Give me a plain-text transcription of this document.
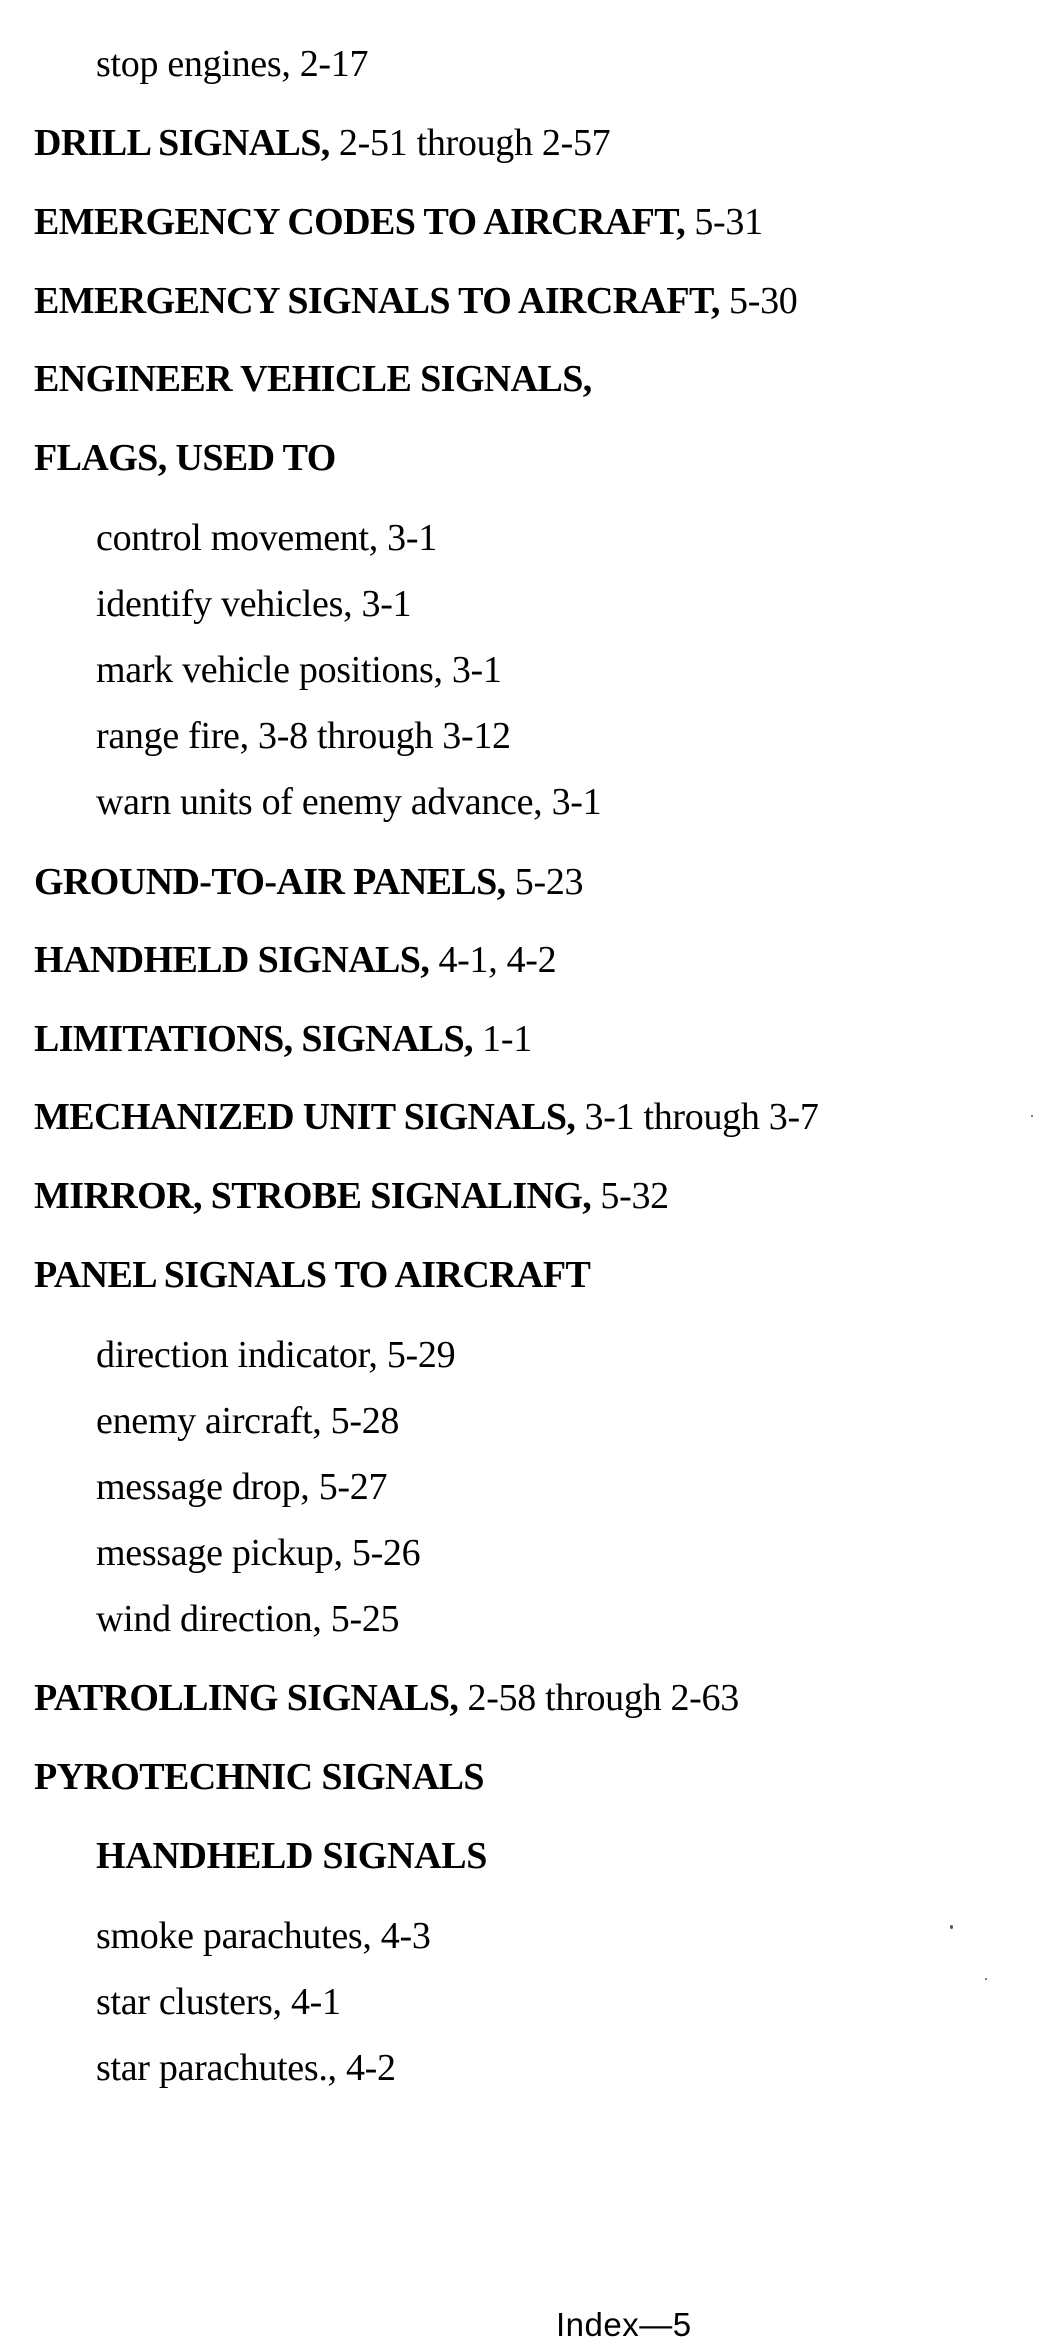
stop engines, 2-17
DRILL SIGNALS, 2-51 through 2-57
EMERGENCY CODES TO AIRCRAFT, 5-31
EMERGENCY SIGNALS TO AIRCRAFT, 5-30
ENGINEER VEHICLE SIGNALS,
FLAGS, USED TO
control movement, 3-1
identify vehicles, 3-1
mark vehicle positions, 3-1
range fire, 3-8 through 3-12
warn units of enemy advance, 3-1
GROUND-TO-AIR PANELS, 5-23
HANDHELD SIGNALS, 4-1, 4-2
LIMITATIONS, SIGNALS, 1-1
MECHANIZED UNIT SIGNALS, 3-1 through 3-7
MIRROR, STROBE SIGNALING, 5-32
PANEL SIGNALS TO AIRCRAFT
direction indicator, 5-29
enemy aircraft, 5-28
message drop, 5-27
message pickup, 5-26
wind direction, 5-25
PATROLLING SIGNALS, 2-58 through 2-63
PYROTECHNIC SIGNALS
HANDHELD SIGNALS
smoke parachutes, 4-3
star clusters, 4-1
star parachutes., 4-2
Index—5
